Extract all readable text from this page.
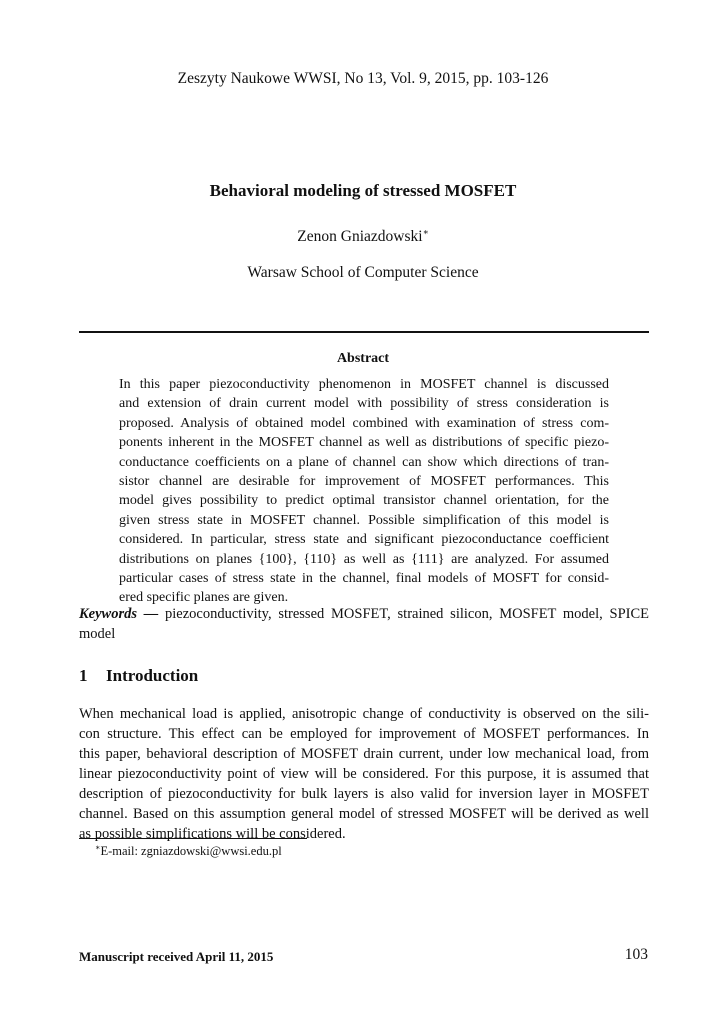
Zeszyty Naukowe WWSI, No 13, Vol. 9, 2015, pp. 103-126
Behavioral modeling of stressed MOSFET
Zenon Gniazdowski∗
Warsaw School of Computer Science
Abstract
In this paper piezoconductivity phenomenon in MOSFET channel is discussed
and extension of drain current model with possibility of stress consideration is
proposed. Analysis of obtained model combined with examination of stress com-
ponents inherent in the MOSFET channel as well as distributions of specific piezo-
conductance coefficients on a plane of channel can show which directions of tran-
sistor channel are desirable for improvement of MOSFET performances. This
model gives possibility to predict optimal transistor channel orientation, for the
given stress state in MOSFET channel. Possible simplification of this model is
considered. In particular, stress state and significant piezoconductance coefficient
distributions on planes {100}, {110} as well as {111} are analyzed. For assumed
particular cases of stress state in the channel, final models of MOSFT for consid-
ered specific planes are given.
Keywords — piezoconductivity, stressed MOSFET, strained silicon, MOSFET model, SPICE
model
1 Introduction
When mechanical load is applied, anisotropic change of conductivity is observed on the sili-
con structure. This effect can be employed for improvement of MOSFET performances. In
this paper, behavioral description of MOSFET drain current, under low mechanical load, from
linear piezoconductivity point of view will be considered. For this purpose, it is assumed that
description of piezoconductivity for bulk layers is also valid for inversion layer in MOSFET
channel. Based on this assumption general model of stressed MOSFET will be derived as well
as possible simplifications will be considered.
∗E-mail: zgniazdowski@wwsi.edu.pl
Manuscript received April 11, 2015	103
